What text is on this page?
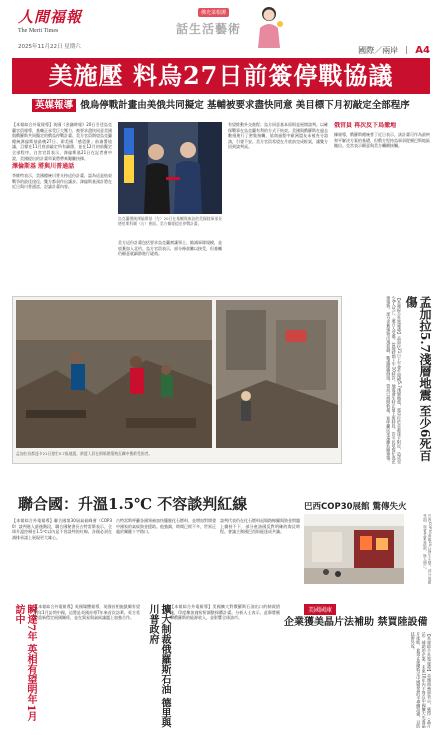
人間福報
The Merit Times
2025年11月22日 星期六
佛光菜根譚
話生活藝術
國際／兩岸 A4
美施壓 料烏27日前簽停戰協議
英媒報導 俄烏停戰計畫由美俄共同擬定 基輔被要求盡快同意 美目標下月初敲定全部程序

【本報綜合外電報導】英國《金融時報》20日引述烏克蘭官員報導，基輔正承受巨大壓力，被要求盡快同意美國與俄羅斯共同擬定的俄烏停戰計畫。美方官員期望烏克蘭總統澤倫斯基最晚27日、即美國「感恩節」前簽署協議，目標在11月底前敲定所有細節，並在12月初前擬定全部程序。白宮官員表示，澤倫斯基21日在記者會中說，美國提出的計畫草案將帶來艱難抉擇。

澤倫斯基 將與川普通話

李維特表示，美國總統川普支持這份計畫，認為這是結束戰爭的最佳途徑，雙方都須作出讓步。澤倫斯基預計將在近日與川普通話，討論計畫內容。

烏克蘭總統澤倫斯基（左）20日在基輔與來訪的美國陸軍部長德里斯科爾（右）會面。美方據報提出停戰計畫。

美方這份計畫包括要求烏克蘭割讓領土、縮減軍隊規模，並放棄加入北約。烏方官員表示，部分條款難以接受，但基輔仍願意就細節進行磋商。

有望推動外交進程；烏方同意基本原則並展開談判。以確保戰事在烏克蘭有利的方式下結束。美國與俄羅斯在過去數週進行了密集接觸，協商過程中歐洲盟友未被充分諮詢，引發不安。美方官員希望在月底前完成框架，讓雙方回到談判桌。

俄官員 再次反下烏撤地

據報導，俄羅斯總統普丁近日表示，該計畫可作為最終和平解決方案的基礎，但俄方堅持烏軍須從頓巴斯地區撤出。克宮表示願意與美方繼續接觸。

孟加拉首都達卡21日發生5.7級地震，救援人員在倒塌建築物瓦礫中搜救受困者。	孟加拉5.7淺層地震 至少6死百傷
【本報綜合外電報導】孟加拉21日上午發生規模5.7淺層地震，震央位於首都達卡附近，造成至少6人死亡、逾百人受傷。當地時間上午10時許，地震發生時正值上班時段，許多民眾慌忙逃出建築物。部分老舊建物出現裂縫，數處圍牆倒塌。當局已展開救援，並呼籲民眾遠離危險建築。
聯合國：升溫1.5℃ 不容談判紅線
【本報綜合外電報導】聯合國第30屆氣候峰會（COP30）談判進入最後階段，聯合國秘書長古特雷斯表示，全球升溫控制在1.5℃以內是不容談判的紅線。各國必須在減排承諾上展現更大雄心。
古特雷斯呼籲各國領袖加快擺脫化石燃料，並增加對開發中國家的氣候資金援助。他強調，時間已經不多，世界正處於關鍵十字路口。
談判代表仍在化石燃料退場路線圖與資金問題上僵持不下，部分產油國反對明確的淘汰時程。會議主辦國巴西盼能達成共識。
巴西COP30展館 驚傳失火
巴西COP30會場20日發生火警，部分展館受損，與會者緊急疏散，無人傷亡。
瞬達7年 英相有望明年1月訪中	【本報綜合外電報導】英國媒體報導，英國首相施凱爾有望明年1月訪問中國，這將是英國首相7年來首次訪華。英方希望重新穩定兩國關係，並在貿易與氣候議題上加強合作。	擴大制裁俄羅斯石油 德里與川普政府	【本報綜合外電報導】美國擴大對俄羅斯石油出口的制裁措施，印度煉油商紛紛調整採購計畫。分析人士表示，此舉將衝擊俄羅斯的能源收入，並影響全球油市。
美國國庫
企業獲美晶片法補助 禁買陸設備
【本報綜合外電報導】美國商務部表示，獲得《晶片法》補助的企業，未來10年內不得在中國擴大先進晶片產能，並禁止採購特定中國製造的半導體設備，以防技術外流。
